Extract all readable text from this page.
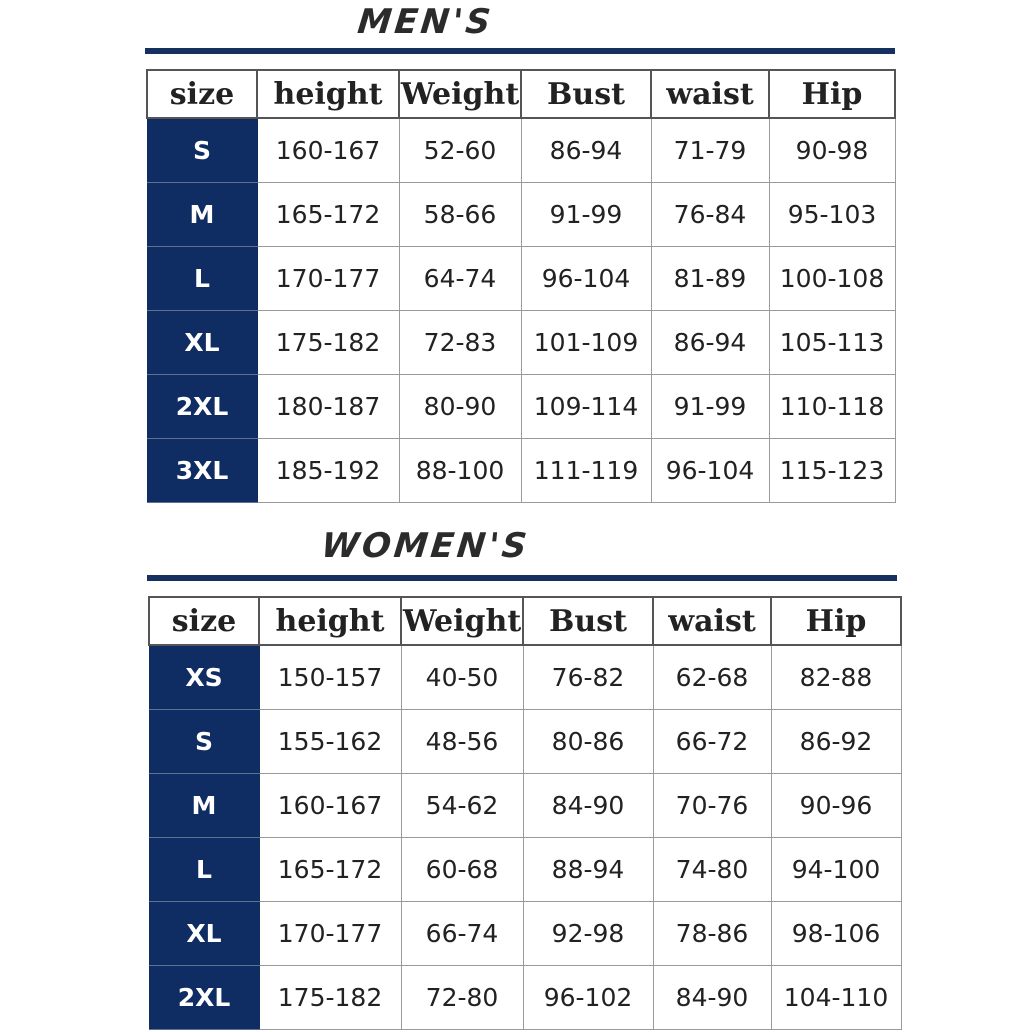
MEN'S
size	height	Weight	Bust	waist	Hip
S	160-167	52-60	86-94	71-79	90-98
M	165-172	58-66	91-99	76-84	95-103
L	170-177	64-74	96-104	81-89	100-108
XL	175-182	72-83	101-109	86-94	105-113
2XL	180-187	80-90	109-114	91-99	110-118
3XL	185-192	88-100	111-119	96-104	115-123
WOMEN'S
size	height	Weight	Bust	waist	Hip
XS	150-157	40-50	76-82	62-68	82-88
S	155-162	48-56	80-86	66-72	86-92
M	160-167	54-62	84-90	70-76	90-96
L	165-172	60-68	88-94	74-80	94-100
XL	170-177	66-74	92-98	78-86	98-106
2XL	175-182	72-80	96-102	84-90	104-110
